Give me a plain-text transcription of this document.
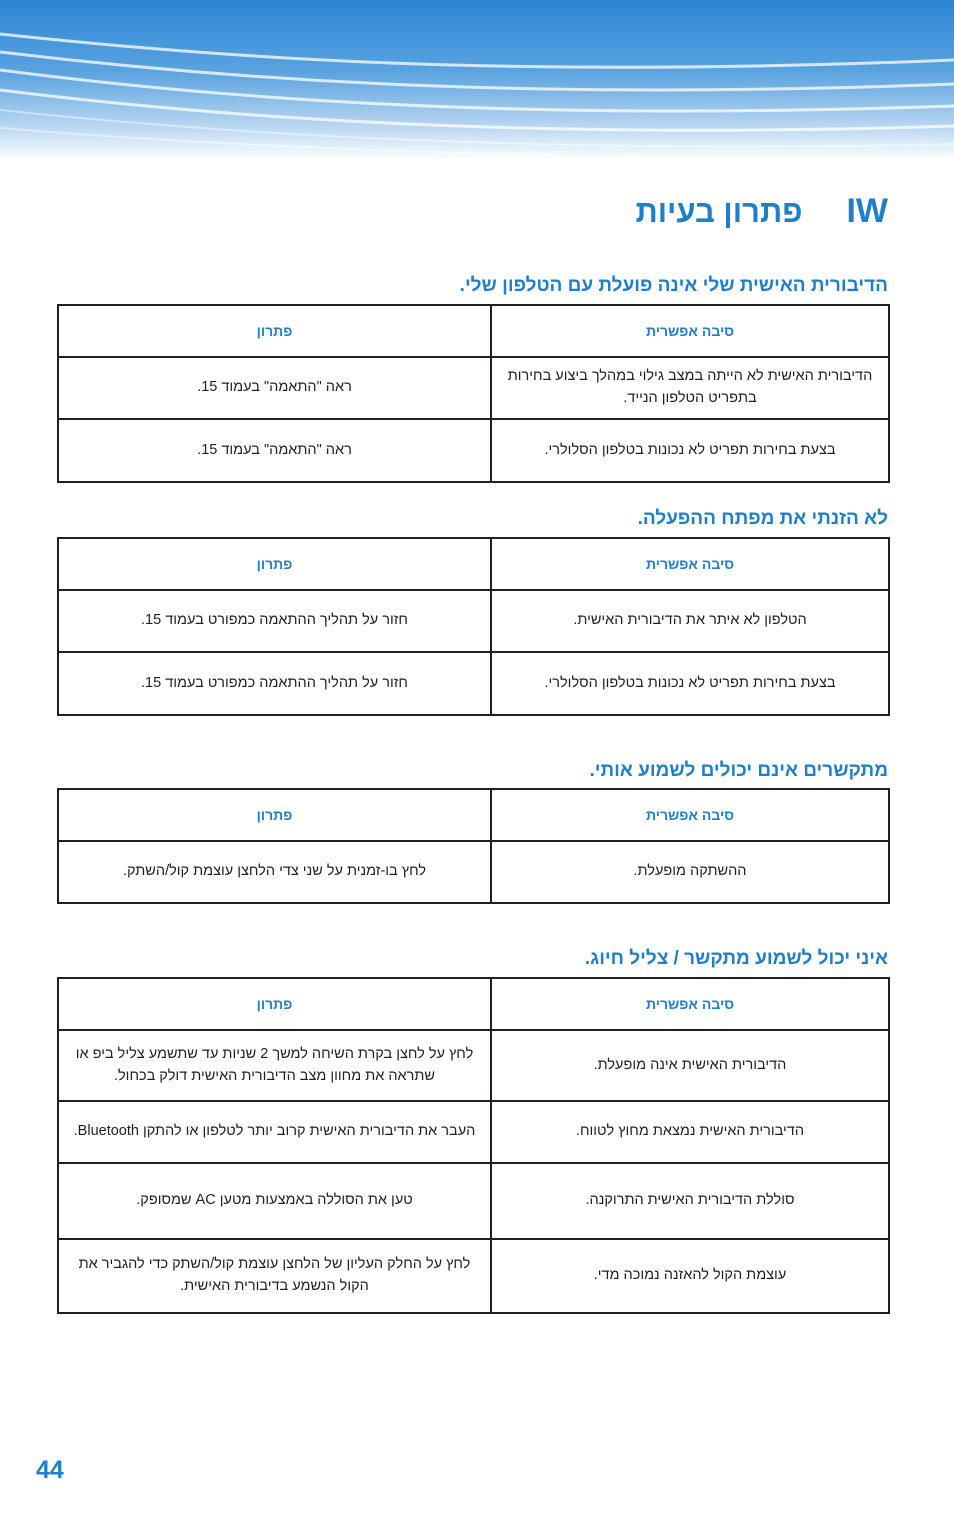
IW
פתרון בעיות
הדיבורית האישית שלי אינה פועלת עם הטלפון שלי.
סיבה אפשרית	פתרון
הדיבורית האישית לא הייתה במצב גילוי במהלך ביצוע בחירות בתפריט הטלפון הנייד.	ראה "התאמה" בעמוד 15.
בצעת בחירות תפריט לא נכונות בטלפון הסלולרי.	ראה "התאמה" בעמוד 15.
לא הזנתי את מפתח ההפעלה.
סיבה אפשרית	פתרון
הטלפון לא איתר את הדיבורית האישית.	חזור על תהליך ההתאמה כמפורט בעמוד 15.
בצעת בחירות תפריט לא נכונות בטלפון הסלולרי.	חזור על תהליך ההתאמה כמפורט בעמוד 15.
מתקשרים אינם יכולים לשמוע אותי.
סיבה אפשרית	פתרון
ההשתקה מופעלת.	לחץ בו-זמנית על שני צדי הלחצן עוצמת קול/השתק.
איני יכול לשמוע מתקשר / צליל חיוג.
סיבה אפשרית	פתרון
הדיבורית האישית אינה מופעלת.	לחץ על לחצן בקרת השיחה למשך 2 שניות עד שתשמע צליל ביפ או שתראה את מחוון מצב הדיבורית האישית דולק בכחול.
הדיבורית האישית נמצאת מחוץ לטווח.	העבר את הדיבורית האישית קרוב יותר לטלפון או להתקן Bluetooth.
סוללת הדיבורית האישית התרוקנה.	טען את הסוללה באמצעות מטען AC שמסופק.
עוצמת הקול להאזנה נמוכה מדי.	לחץ על החלק העליון של הלחצן עוצמת קול/השתק כדי להגביר את הקול הנשמע בדיבורית האישית.
44
